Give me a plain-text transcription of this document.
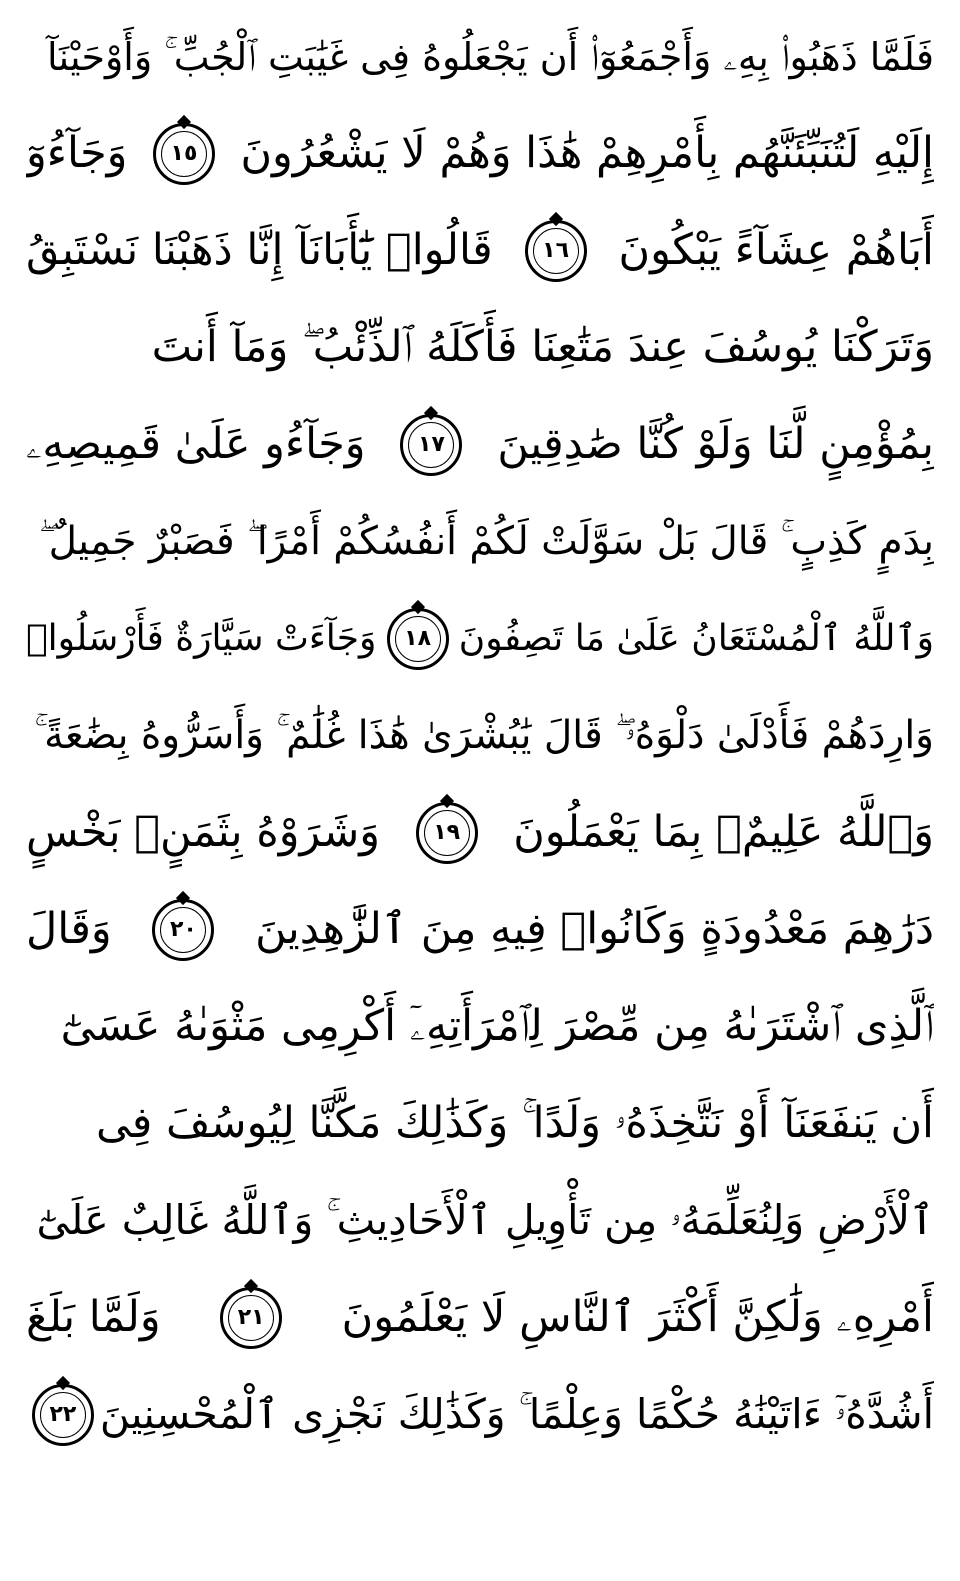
فَلَمَّا ذَهَبُوا۟ بِهِۦ وَأَجْمَعُوٓا۟ أَن يَجْعَلُوهُ فِى غَيَٰبَتِ ٱلْجُبِّ ۚ وَأَوْحَيْنَآ
إِلَيْهِ لَتُنَبِّئَنَّهُم بِأَمْرِهِمْ هَٰذَا وَهُمْ لَا يَشْعُرُونَ
١٥
وَجَآءُوٓ
أَبَاهُمْ عِشَآءً يَبْكُونَ
١٦
قَالُوا۟ يَٰٓأَبَانَآ إِنَّا ذَهَبْنَا نَسْتَبِقُ
وَتَرَكْنَا يُوسُفَ عِندَ مَتَٰعِنَا فَأَكَلَهُ ٱلذِّئْبُ ۖ وَمَآ أَنتَ
بِمُؤْمِنٍ لَّنَا وَلَوْ كُنَّا صَٰدِقِينَ
١٧
وَجَآءُو عَلَىٰ قَمِيصِهِۦ
بِدَمٍ كَذِبٍ ۚ قَالَ بَلْ سَوَّلَتْ لَكُمْ أَنفُسُكُمْ أَمْرًا ۖ فَصَبْرٌ جَمِيلٌ ۖ
وَٱللَّهُ ٱلْمُسْتَعَانُ عَلَىٰ مَا تَصِفُونَ
١٨
وَجَآءَتْ سَيَّارَةٌ فَأَرْسَلُوا۟
وَارِدَهُمْ فَأَدْلَىٰ دَلْوَهُۥ ۖ قَالَ يَٰبُشْرَىٰ هَٰذَا غُلَٰمٌ ۚ وَأَسَرُّوهُ بِضَٰعَةً ۚ
وَٱللَّهُ عَلِيمٌۢ بِمَا يَعْمَلُونَ
١٩
وَشَرَوْهُ بِثَمَنٍۭ بَخْسٍ
دَرَٰهِمَ مَعْدُودَةٍ وَكَانُوا۟ فِيهِ مِنَ ٱلزَّٰهِدِينَ
٢٠
وَقَالَ
ٱلَّذِى ٱشْتَرَىٰهُ مِن مِّصْرَ لِٱمْرَأَتِهِۦٓ أَكْرِمِى مَثْوَىٰهُ عَسَىٰٓ
أَن يَنفَعَنَآ أَوْ نَتَّخِذَهُۥ وَلَدًا ۚ وَكَذَٰلِكَ مَكَّنَّا لِيُوسُفَ فِى
ٱلْأَرْضِ وَلِنُعَلِّمَهُۥ مِن تَأْوِيلِ ٱلْأَحَادِيثِ ۚ وَٱللَّهُ غَالِبٌ عَلَىٰٓ
أَمْرِهِۦ وَلَٰكِنَّ أَكْثَرَ ٱلنَّاسِ لَا يَعْلَمُونَ
٢١
وَلَمَّا بَلَغَ
أَشُدَّهُۥٓ ءَاتَيْنَٰهُ حُكْمًا وَعِلْمًا ۚ وَكَذَٰلِكَ نَجْزِى ٱلْمُحْسِنِينَ
٢٢
